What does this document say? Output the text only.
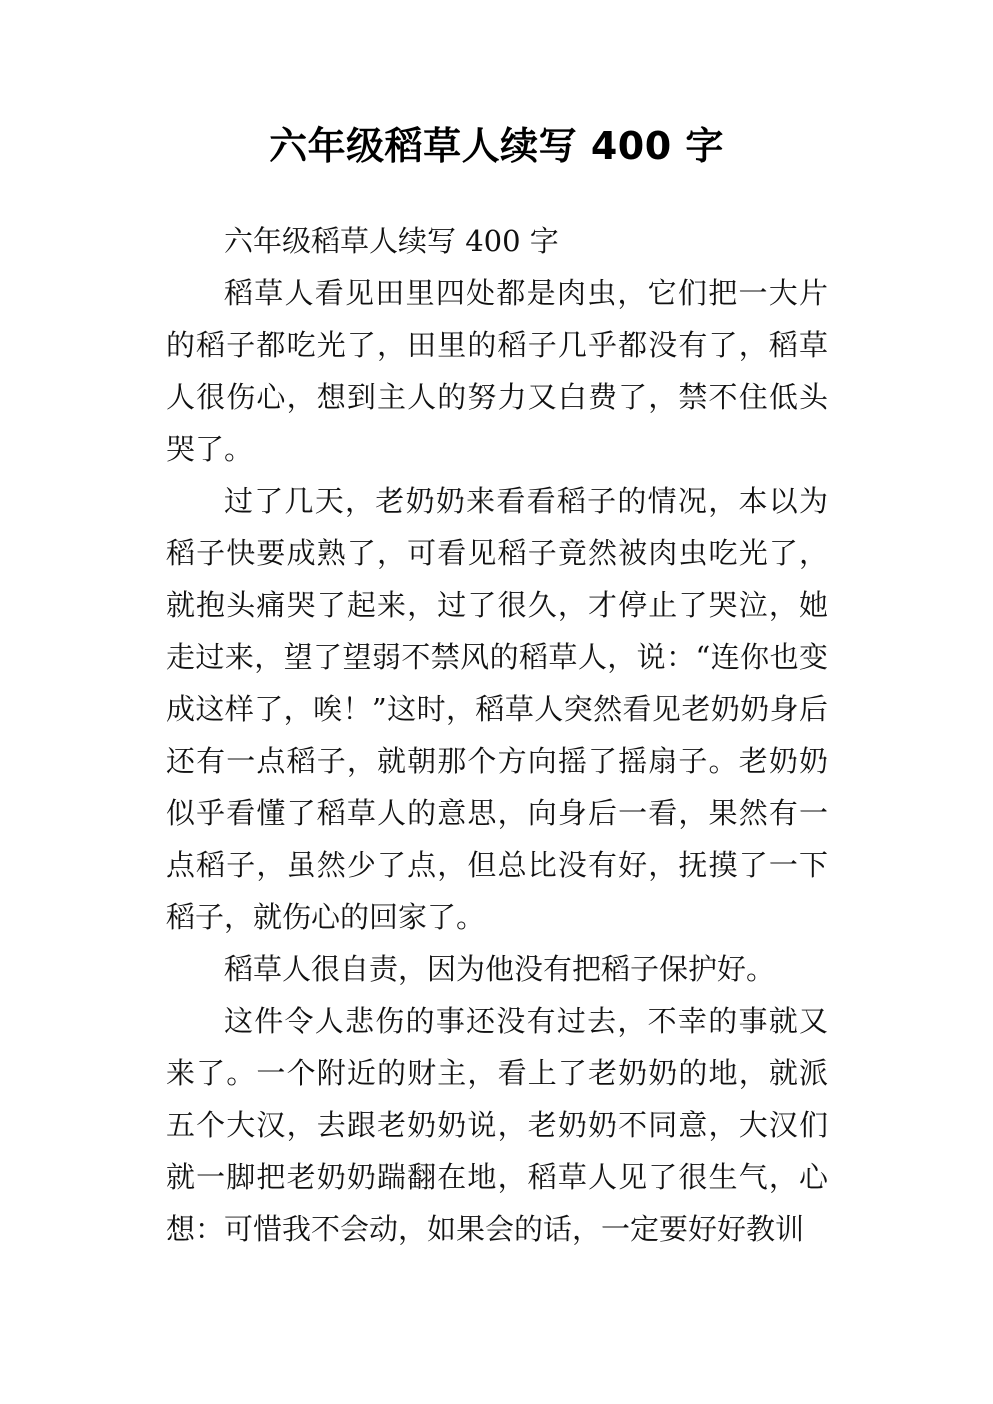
六年级稻草人续写 400 字

六年级稻草人续写 400 字

稻草人看见田里四处都是肉虫，它们把一大片的稻子都吃光了，田里的稻子几乎都没有了，稻草人很伤心，想到主人的努力又白费了，禁不住低头哭了。

过了几天，老奶奶来看看稻子的情况，本以为稻子快要成熟了，可看见稻子竟然被肉虫吃光了，就抱头痛哭了起来，过了很久，才停止了哭泣，她走过来，望了望弱不禁风的稻草人，说：“连你也变成这样了，唉！”这时，稻草人突然看见老奶奶身后还有一点稻子，就朝那个方向摇了摇扇子。老奶奶似乎看懂了稻草人的意思，向身后一看，果然有一点稻子，虽然少了点，但总比没有好，抚摸了一下稻子，就伤心的回家了。

稻草人很自责，因为他没有把稻子保护好。

这件令人悲伤的事还没有过去，不幸的事就又来了。一个附近的财主，看上了老奶奶的地，就派五个大汉，去跟老奶奶说，老奶奶不同意，大汉们就一脚把老奶奶踹翻在地，稻草人见了很生气，心想：可惜我不会动，如果会的话，一定要好好教训
